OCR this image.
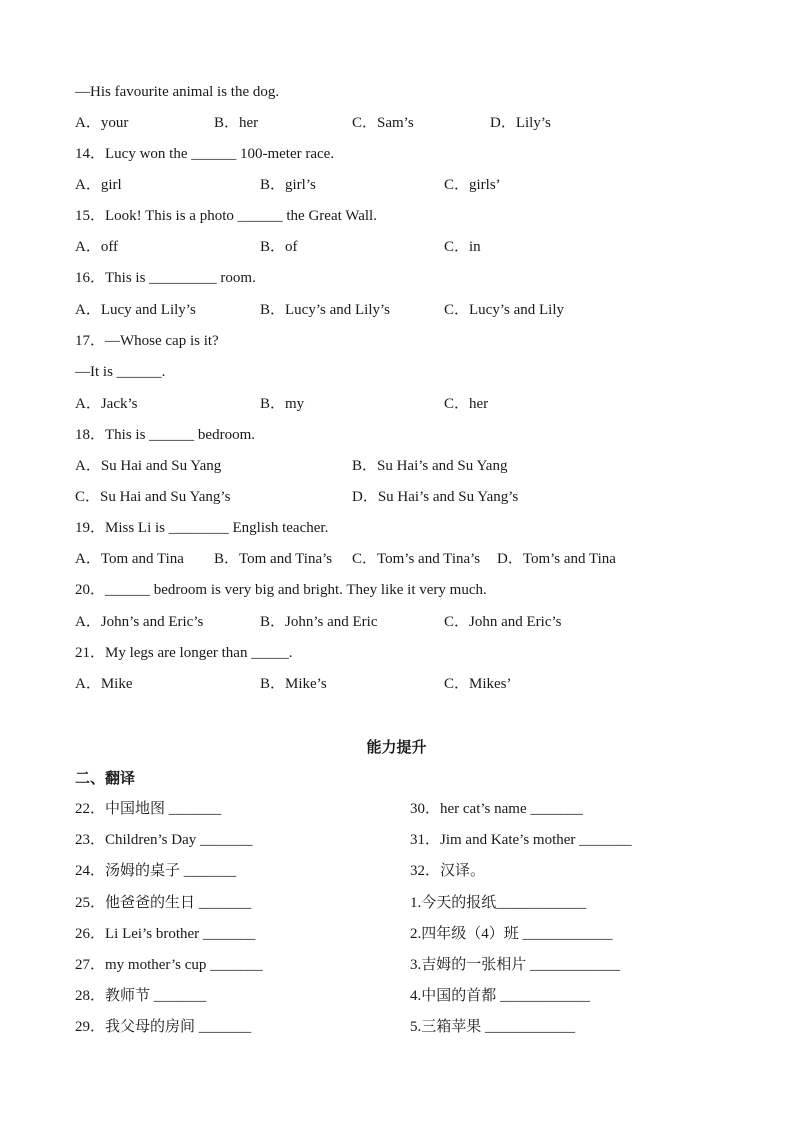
—His favourite animal is the dog.
A．your	B．her	C．Sam’s	D．Lily’s
14．Lucy won the ______ 100-meter race.
A．girl	B．girl’s	C．girls’
15．Look! This is a photo ______ the Great Wall.
A．off	B．of	C．in
16．This is _________ room.
A．Lucy and Lily’s	B．Lucy’s and Lily’s	C．Lucy’s and Lily
17．—Whose cap is it?
—It is ______.
A．Jack’s	B．my	C．her
18．This is ______ bedroom.
A．Su Hai and Su Yang	B．Su Hai’s and Su Yang
C．Su Hai and Su Yang’s	D．Su Hai’s and Su Yang’s
19．Miss Li is ________ English teacher.
A．Tom and Tina B．Tom and Tina’s C．Tom’s and Tina’s D．Tom’s and Tina
20．______ bedroom is very big and bright. They like it very much.
A．John’s and Eric’s	B．John’s and Eric	C．John and Eric’s
21．My legs are longer than _____.
A．Mike	B．Mike’s	C．Mikes’
能力提升
二、翻译
22．中国地图 _______
23．Children’s Day _______
24．汤姆的桌子 _______
25．他爸爸的生日 _______
26．Li Lei’s brother _______
27．my mother’s cup _______
28．教师节 _______
29．我父母的房间 _______
30．her cat’s name _______
31．Jim and Kate’s mother _______
32．汉译。
1.今天的报纸____________
2.四年级（4）班 ____________
3.吉姆的一张相片 ____________
4.中国的首都 ____________
5.三箱苹果 ____________
